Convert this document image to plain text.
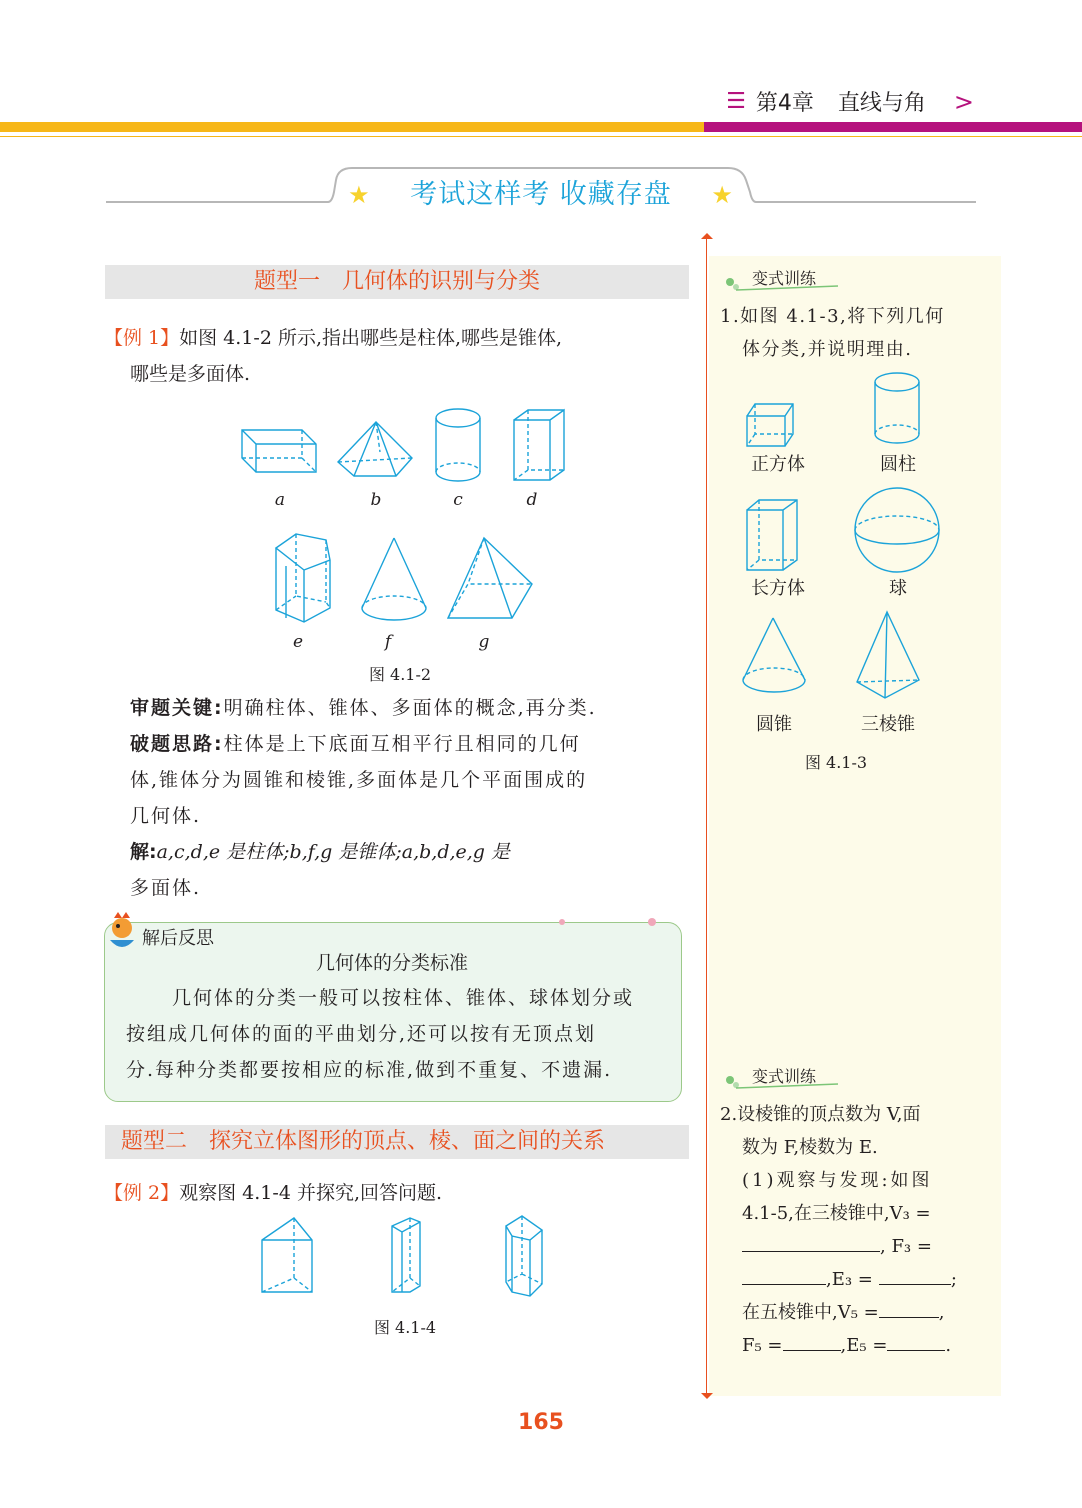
☰ 第4章 直线与角 >
★ 考试这样考 收藏存盘 ★
题型一　几何体的识别与分类

【例 1】如图 4.1-2 所示,指出哪些是柱体,哪些是锥体,

哪些是多面体.

a	b	c	d
e	f	g
图 4.1-2

审题关键:明确柱体、锥体、多面体的概念,再分类.

破题思路:柱体是上下底面互相平行且相同的几何

体,锥体分为圆锥和棱锥,多面体是几个平面围成的

几何体.

解:a,c,d,e 是柱体;b,f,g 是锥体;a,b,d,e,g 是

多面体.

解后反思
几何体的分类标准

几何体的分类一般可以按柱体、锥体、球体划分或

按组成几何体的面的平曲划分,还可以按有无顶点划

分.每种分类都要按相应的标准,做到不重复、不遗漏.

题型二　探究立体图形的顶点、棱、面之间的关系

【例 2】观察图 4.1-4 并探究,回答问题.

图 4.1-4
变式训练
1.如图 4.1-3,将下列几何
体分类,并说明理由.
正方体	圆柱
长方体	球
圆锥	三棱锥
图 4.1-3
变式训练
2.设棱锥的顶点数为 V,面
数为 F,棱数为 E.
(1)观察与发现:如图
4.1-5,在三棱锥中,V₃ =
, F₃ =
,E₃ =	;
在五棱锥中,V₅ =	,
F₅ =	,E₅ =	.
165
